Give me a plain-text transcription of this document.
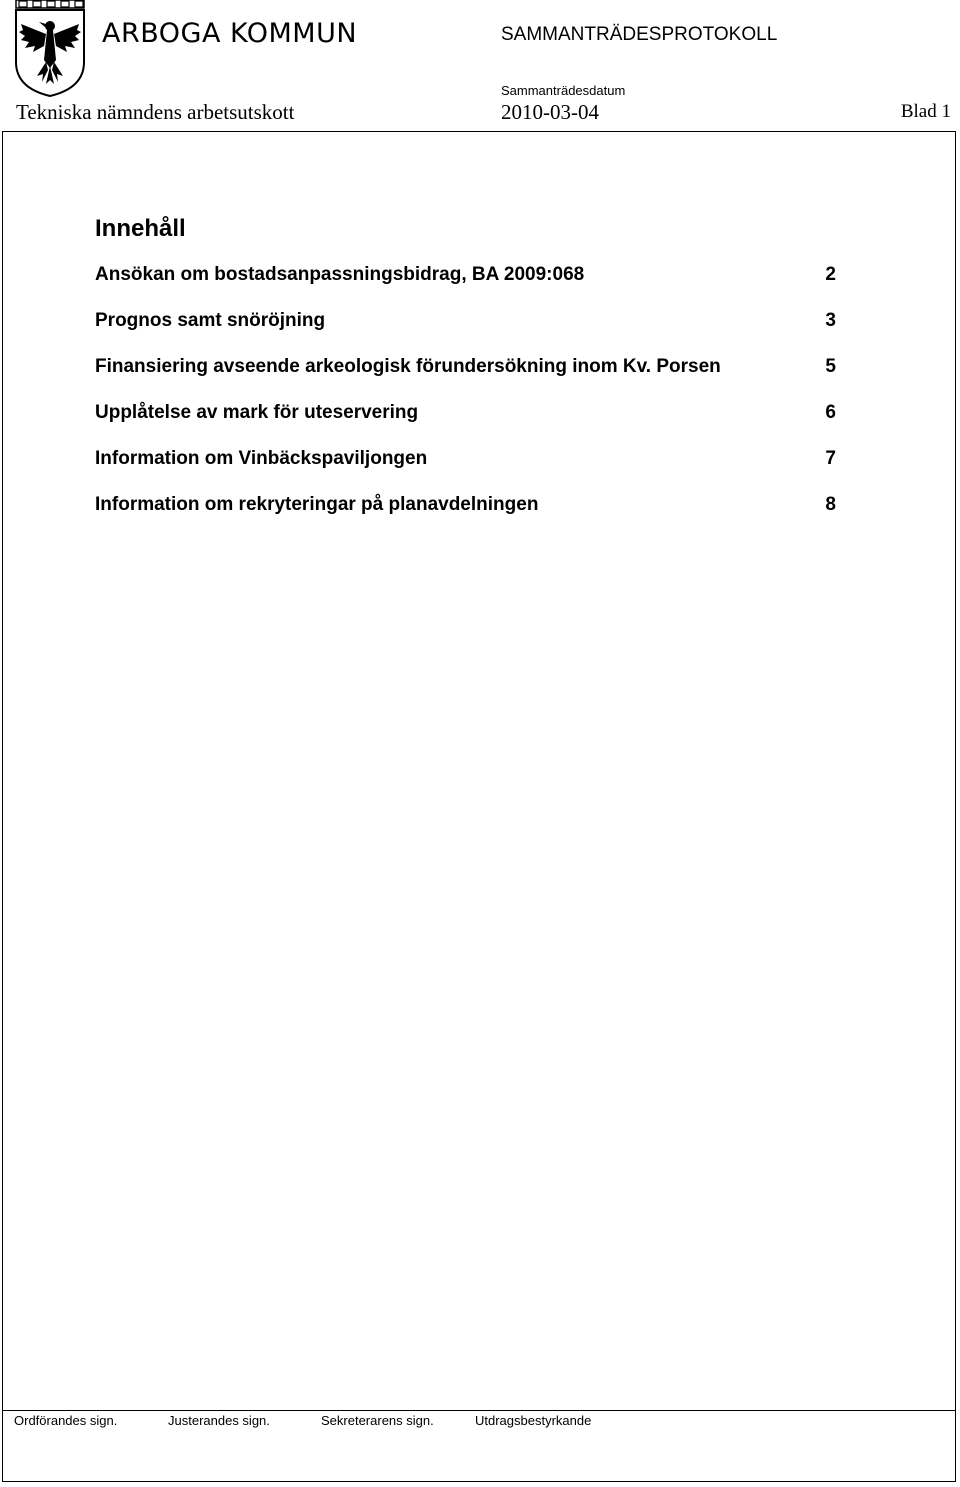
ARBOGA KOMMUN	SAMMANTRÄDESPROTOKOLL
Tekniska nämndens arbetsutskott
Sammanträdesdatum
2010-03-04	Blad 1
Innehåll
Ansökan om bostadsanpassningsbidrag, BA 2009:068	2
Prognos samt snöröjning	3
Finansiering avseende arkeologisk förundersökning inom Kv. Porsen	5
Upplåtelse av mark för uteservering	6
Information om Vinbäckspaviljongen	7
Information om rekryteringar på planavdelningen	8
Ordförandes sign.	Justerandes sign.	Sekreterarens sign.	Utdragsbestyrkande
